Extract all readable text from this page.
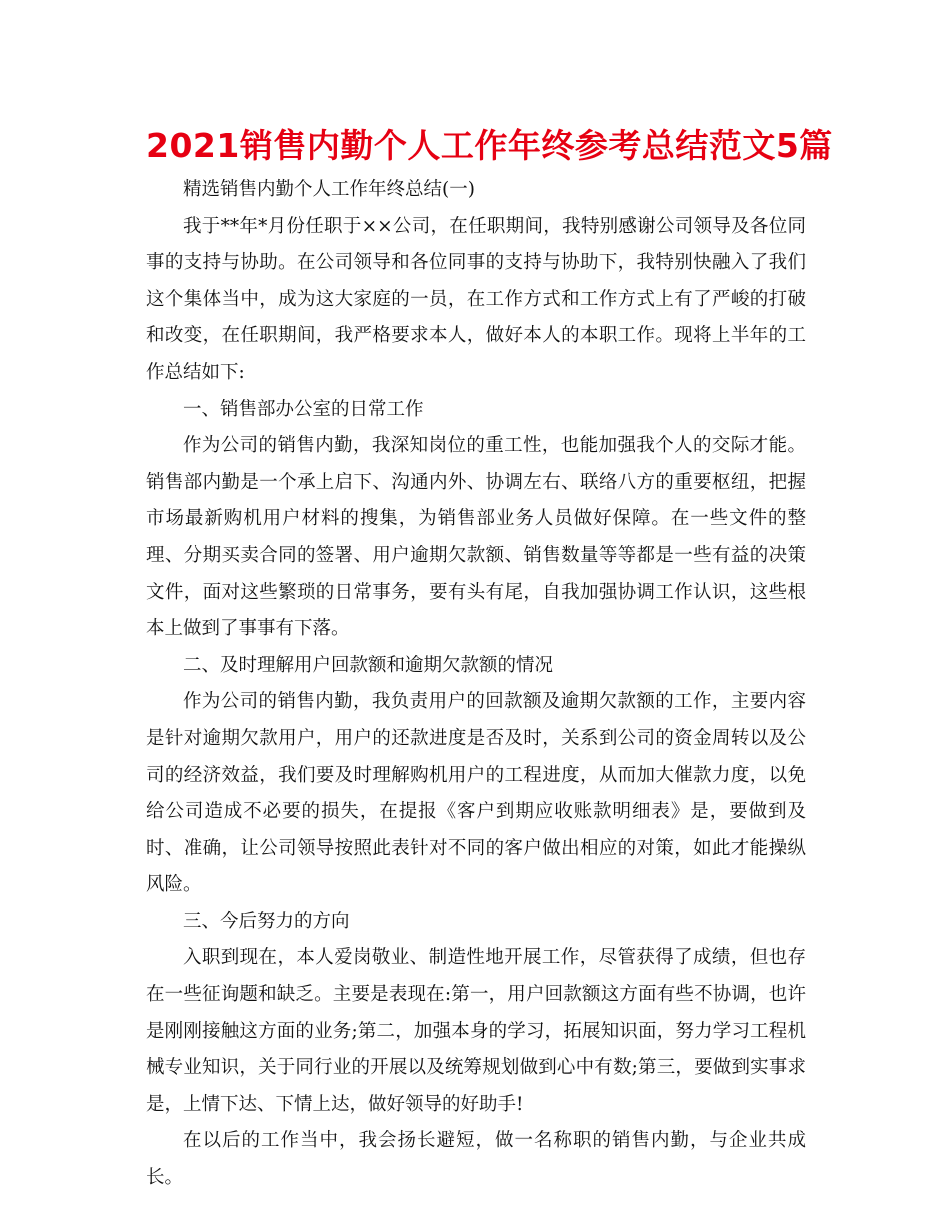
2021销售内勤个人工作年终参考总结范文5篇

精选销售内勤个人工作年终总结(一)

我于**年*月份任职于××公司，在任职期间，我特别感谢公司领导及各位同事的支持与协助。在公司领导和各位同事的支持与协助下，我特别快融入了我们这个集体当中，成为这大家庭的一员，在工作方式和工作方式上有了严峻的打破和改变，在任职期间，我严格要求本人，做好本人的本职工作。现将上半年的工作总结如下:

一、销售部办公室的日常工作

作为公司的销售内勤，我深知岗位的重工性，也能加强我个人的交际才能。销售部内勤是一个承上启下、沟通内外、协调左右、联络八方的重要枢纽，把握市场最新购机用户材料的搜集，为销售部业务人员做好保障。在一些文件的整理、分期买卖合同的签署、用户逾期欠款额、销售数量等等都是一些有益的决策文件，面对这些繁琐的日常事务，要有头有尾，自我加强协调工作认识，这些根本上做到了事事有下落。

二、及时理解用户回款额和逾期欠款额的情况

作为公司的销售内勤，我负责用户的回款额及逾期欠款额的工作，主要内容是针对逾期欠款用户，用户的还款进度是否及时，关系到公司的资金周转以及公司的经济效益，我们要及时理解购机用户的工程进度，从而加大催款力度，以免给公司造成不必要的损失，在提报《客户到期应收账款明细表》是，要做到及时、准确，让公司领导按照此表针对不同的客户做出相应的对策，如此才能操纵风险。

三、今后努力的方向

入职到现在，本人爱岗敬业、制造性地开展工作，尽管获得了成绩，但也存在一些征询题和缺乏。主要是表现在:第一，用户回款额这方面有些不协调，也许是刚刚接触这方面的业务;第二，加强本身的学习，拓展知识面，努力学习工程机械专业知识，关于同行业的开展以及统筹规划做到心中有数;第三，要做到实事求是，上情下达、下情上达，做好领导的好助手!

在以后的工作当中，我会扬长避短，做一名称职的销售内勤，与企业共成长。
